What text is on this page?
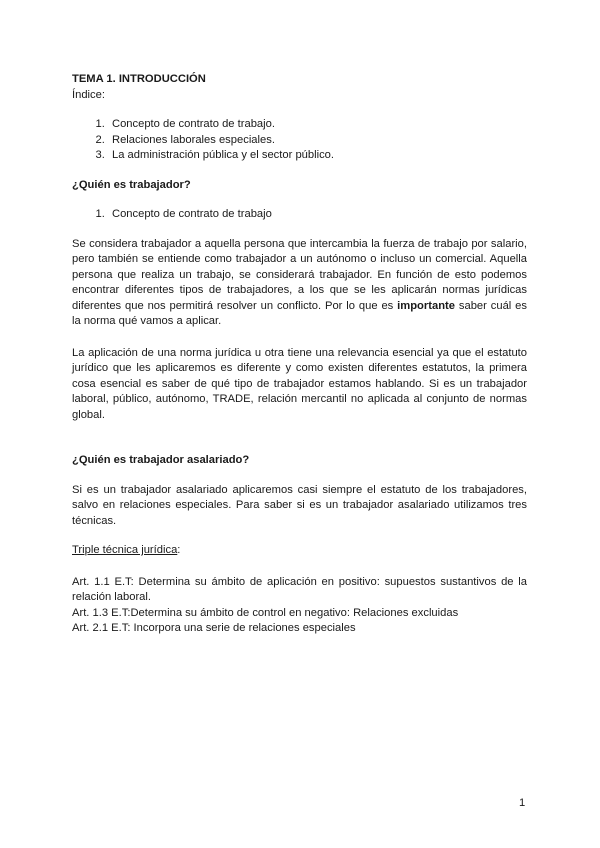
TEMA 1. INTRODUCCIÓN

Índice:

1. Concepto de contrato de trabajo.
2. Relaciones laborales especiales.
3. La administración pública y el sector público.

¿Quién es trabajador?

1. Concepto de contrato de trabajo

Se considera trabajador a aquella persona que intercambia la fuerza de trabajo por salario, pero también se entiende como trabajador a un autónomo o incluso un comercial. Aquella persona que realiza un trabajo, se considerará trabajador. En función de esto podemos encontrar diferentes tipos de trabajadores, a los que se les aplicarán normas jurídicas diferentes que nos permitirá resolver un conflicto. Por lo que es importante saber cuál es la norma qué vamos a aplicar.

La aplicación de una norma jurídica u otra tiene una relevancia esencial ya que el estatuto jurídico que les aplicaremos es diferente y como existen diferentes estatutos, la primera cosa esencial es saber de qué tipo de trabajador estamos hablando. Si es un trabajador laboral, público, autónomo, TRADE, relación mercantil no aplicada al conjunto de normas global.

¿Quién es trabajador asalariado?

Si es un trabajador asalariado aplicaremos casi siempre el estatuto de los trabajadores, salvo en relaciones especiales. Para saber si es un trabajador asalariado utilizamos tres técnicas.

Triple técnica jurídica:

Art. 1.1 E.T: Determina su ámbito de aplicación en positivo: supuestos sustantivos de la relación laboral.

Art. 1.3 E.T:Determina su ámbito de control en negativo: Relaciones excluidas

Art. 2.1 E.T: Incorpora una serie de relaciones especiales

1
